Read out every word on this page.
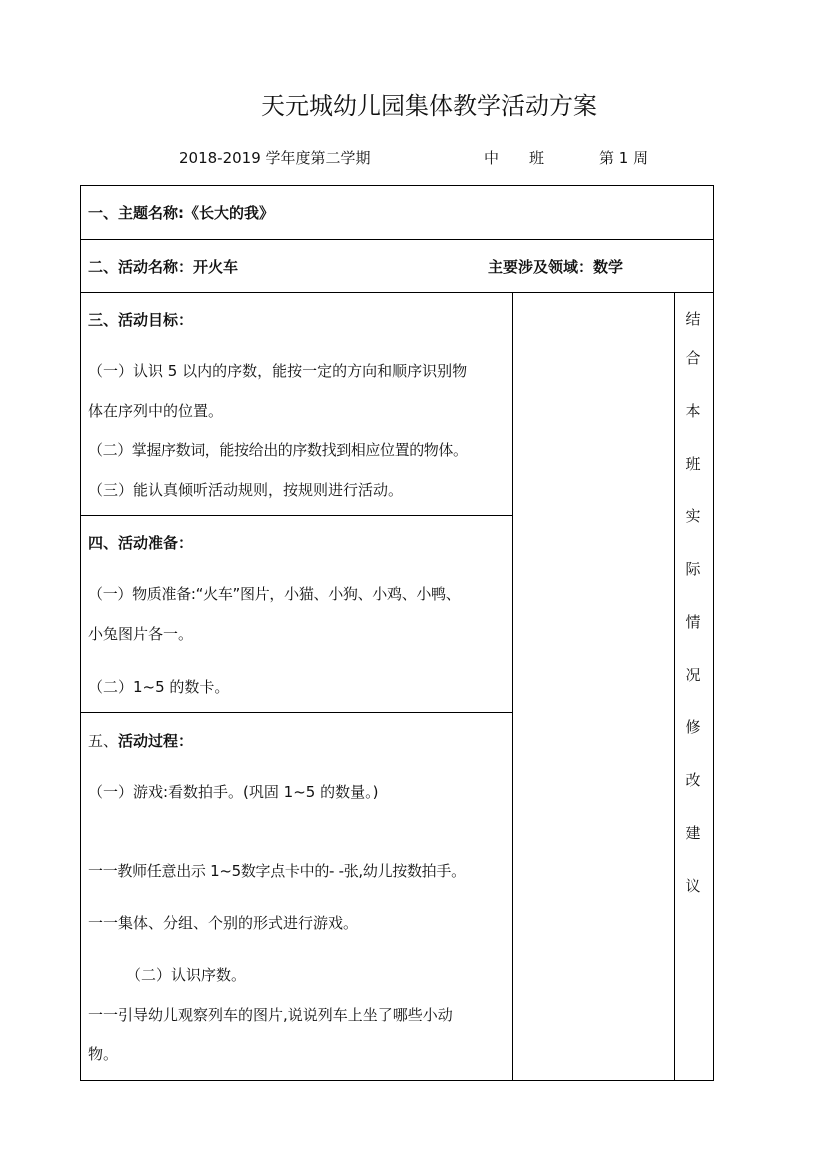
天元城幼儿园集体教学活动方案
2018-2019 学年度第二学期	中　　班	第 1 周
一、主题名称:《长大的我》
二、活动名称：开火车	主要涉及领域：数学
三、活动目标：
（一）认识 5 以内的序数，能按一定的方向和顺序识别物
体在序列中的位置。
（二）掌握序数词，能按给出的序数找到相应位置的物体。
（三）能认真倾听活动规则，按规则进行活动。
四、活动准备：
（一）物质准备:“火车”图片，小猫、小狗、小鸡、小鸭、
小兔图片各一。
（二）1~5 的数卡。
五、活动过程：
（一）游戏:看数拍手。(巩固 1~5 的数量。)
一一教师任意出示 1~5数字点卡中的- -张,幼儿按数拍手。
一一集体、分组、个别的形式进行游戏。
（二）认识序数。
一一引导幼儿观察列车的图片,说说列车上坐了哪些小动
物。
结
合
本
班
实
际
情
况
修
改
建
议
